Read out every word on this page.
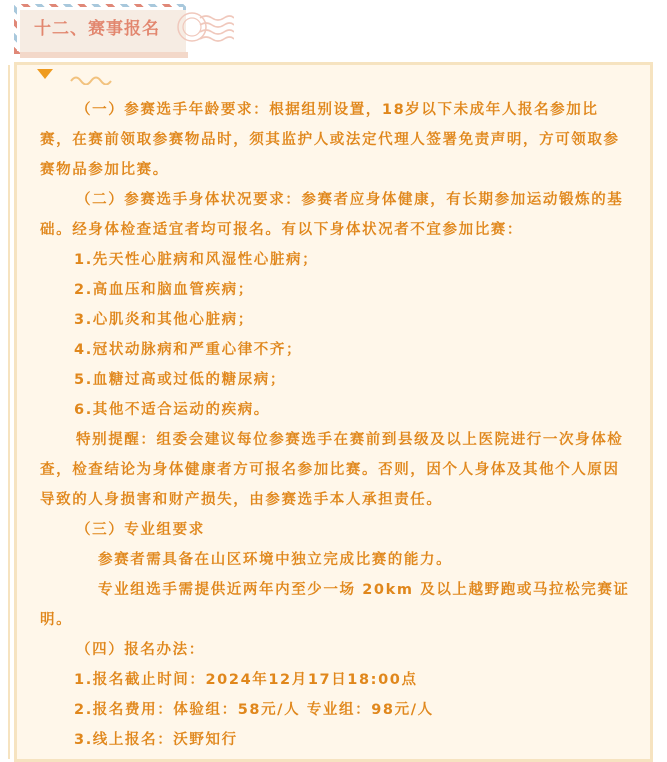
十二、赛事报名

（一）参赛选手年龄要求：根据组别设置，18岁以下未成年人报名参加比赛，在赛前领取参赛物品时，须其监护人或法定代理人签署免责声明，方可领取参赛物品参加比赛。

（二）参赛选手身体状况要求：参赛者应身体健康，有长期参加运动锻炼的基础。经身体检查适宜者均可报名。有以下身体状况者不宜参加比赛：

1.先天性心脏病和风湿性心脏病；

2.高血压和脑血管疾病；

3.心肌炎和其他心脏病；

4.冠状动脉病和严重心律不齐；

5.血糖过高或过低的糖尿病；

6.其他不适合运动的疾病。

特别提醒：组委会建议每位参赛选手在赛前到县级及以上医院进行一次身体检查，检查结论为身体健康者方可报名参加比赛。否则，因个人身体及其他个人原因导致的人身损害和财产损失，由参赛选手本人承担责任。

（三）专业组要求

参赛者需具备在山区环境中独立完成比赛的能力。

专业组选手需提供近两年内至少一场 20km 及以上越野跑或马拉松完赛证明。

（四）报名办法：

1.报名截止时间：2024年12月17日18:00点

2.报名费用：体验组：58元/人 专业组：98元/人

3.线上报名：沃野知行
